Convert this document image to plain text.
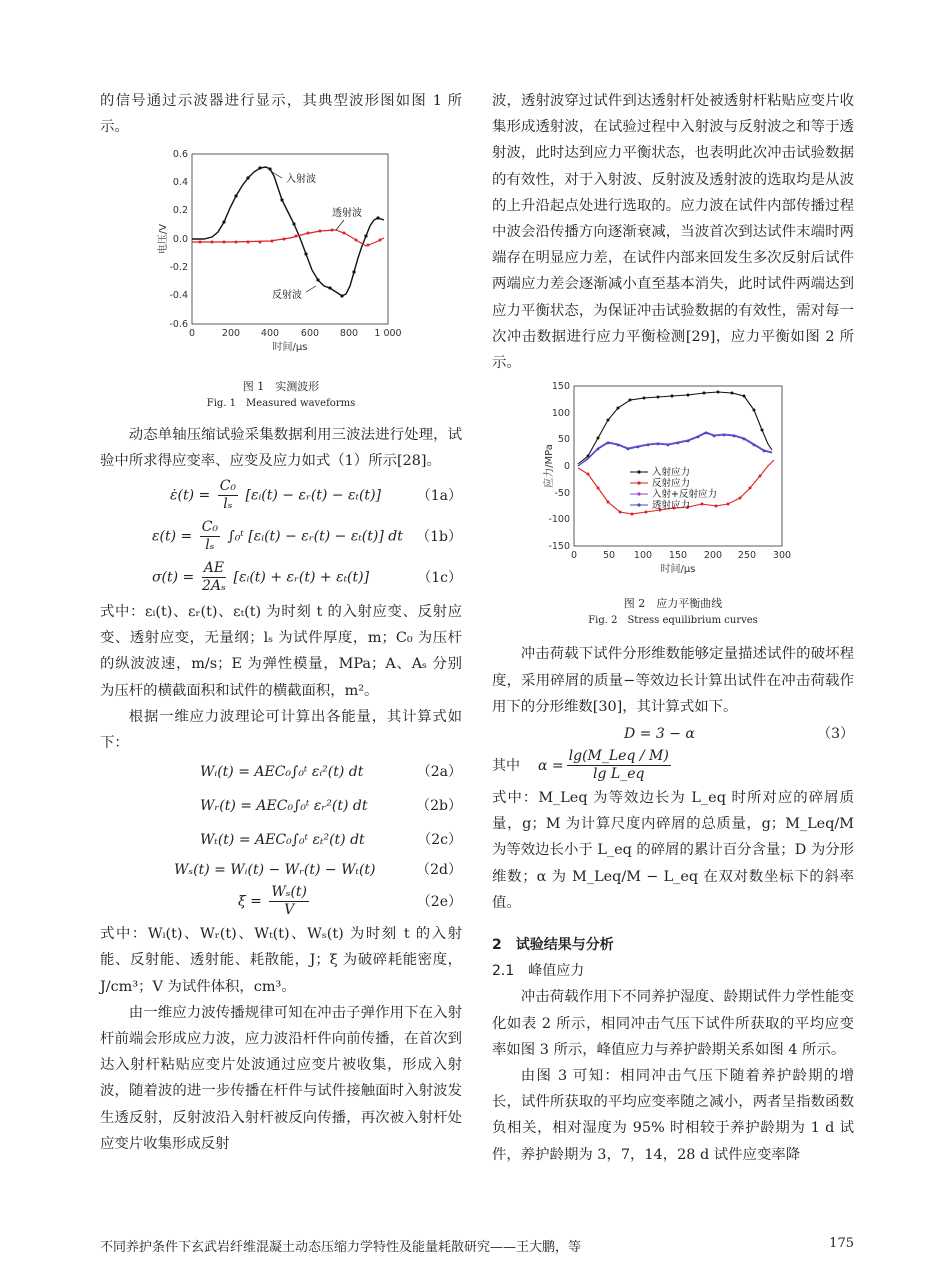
的信号通过示波器进行显示，其典型波形图如图 1 所示。

0.6
0.4
0.2
0.0
-0.2
-0.4
-0.6
0	200 400 600 800 1 000
时间/μs
电压/V
入射波
透射波
反射波
图 1　实测波形
Fig. 1　Measured waveforms

动态单轴压缩试验采集数据利用三波法进行处理，试验中所求得应变率、应变及应力如式（1）所示[28]。

ε̇(t) = $\frac{\text{C₀}}{\text{lₛ}}$ [εᵢ(t) − εᵣ(t) − εₜ(t)]	（1a）
$\varepsilon(t) = \frac{\text{C₀}}{\text{lₛ}}$ ∫₀ᵗ [εᵢ(t) − εᵣ(t) − εₜ(t)] dt （1b）
$\sigma(t) = \frac{AE}{\text{2Aₛ}}$ [εᵢ(t) + εᵣ(t) + εₜ(t)]	（1c）

式中：εᵢ(t)、εᵣ(t)、εₜ(t) 为时刻 t 的入射应变、反射应变、透射应变，无量纲；lₛ 为试件厚度，m；C₀ 为压杆的纵波波速，m/s；E 为弹性模量，MPa；A、Aₛ 分别为压杆的横截面积和试件的横截面积，m²。

根据一维应力波理论可计算出各能量，其计算式如下：

Wᵢ(t) = AEC₀∫₀ᵗ εᵢ²(t) dt	（2a）
Wᵣ(t) = AEC₀∫₀ᵗ εᵣ²(t) dt	（2b）
Wₜ(t) = AEC₀∫₀ᵗ εₜ²(t) dt	（2c）
Wₛ(t) = Wᵢ(t) − Wᵣ(t) − Wₜ(t)	（2d）
$\xi = \frac{\text{Wₛ(t)}}{V}$	（2e）

式中：Wᵢ(t)、Wᵣ(t)、Wₜ(t)、Wₛ(t) 为时刻 t 的入射能、反射能、透射能、耗散能，J；ξ 为破碎耗能密度，J/cm³；V 为试件体积，cm³。

由一维应力波传播规律可知在冲击子弹作用下在入射杆前端会形成应力波，应力波沿杆件向前传播，在首次到达入射杆粘贴应变片处波通过应变片被收集，形成入射波，随着波的进一步传播在杆件与试件接触面时入射波发生透反射，反射波沿入射杆被反向传播，再次被入射杆处应变片收集形成反射

波，透射波穿过试件到达透射杆处被透射杆粘贴应变片收集形成透射波，在试验过程中入射波与反射波之和等于透射波，此时达到应力平衡状态，也表明此次冲击试验数据的有效性，对于入射波、反射波及透射波的选取均是从波的上升沿起点处进行选取的。应力波在试件内部传播过程中波会沿传播方向逐渐衰减，当波首次到达试件末端时两端存在明显应力差，在试件内部来回发生多次反射后试件两端应力差会逐渐减小直至基本消失，此时试件两端达到应力平衡状态，为保证冲击试验数据的有效性，需对每一次冲击数据进行应力平衡检测[29]，应力平衡如图 2 所示。

150
100
50
0
-50
-100
-150
0	50 100 150 200 250 300
时间/μs
应力/MPa	入射应力
反射应力
入射+反射应力
透射应力
图 2　应力平衡曲线
Fig. 2　Stress equilibrium curves

冲击荷载下试件分形维数能够定量描述试件的破坏程度，采用碎屑的质量−等效边长计算出试件在冲击荷载作用下的分形维数[30]，其计算式如下。

D = 3 − α	（3）
其中 $\alpha = \frac{\text{lg(M\_Leq / M)}}{\text{lg L\_eq}}$

式中：M_Leq 为等效边长为 L_eq 时所对应的碎屑质量，g；M 为计算尺度内碎屑的总质量，g；M_Leq/M 为等效边长小于 L_eq 的碎屑的累计百分含量；D 为分形维数；α 为 M_Leq/M − L_eq 在双对数坐标下的斜率值。

2　试验结果与分析

2.1　峰值应力

冲击荷载作用下不同养护湿度、龄期试件力学性能变化如表 2 所示，相同冲击气压下试件所获取的平均应变率如图 3 所示，峰值应力与养护龄期关系如图 4 所示。

由图 3 可知：相同冲击气压下随着养护龄期的增长，试件所获取的平均应变率随之减小，两者呈指数函数负相关，相对湿度为 95% 时相较于养护龄期为 1 d 试件，养护龄期为 3，7，14，28 d 试件应变率降

不同养护条件下玄武岩纤维混凝土动态压缩力学特性及能量耗散研究——王大鹏，等	175
